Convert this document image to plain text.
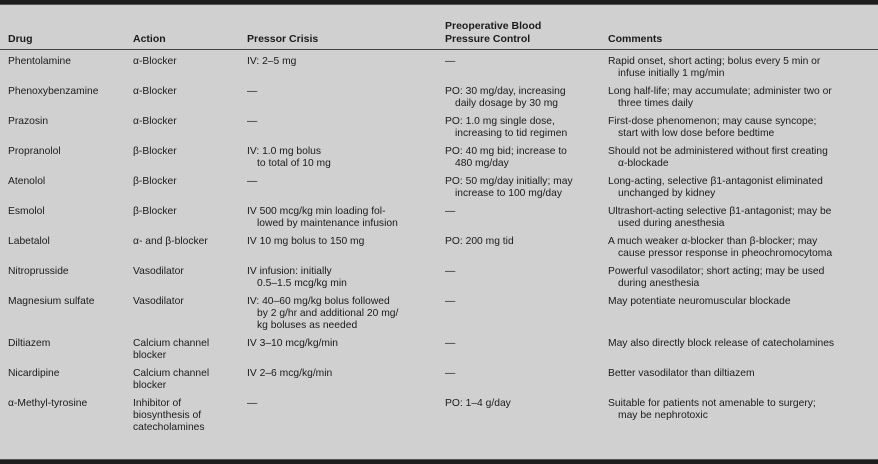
Drug	Action	Pressor Crisis	Preoperative Blood
Pressure Control	Comments

Phentolamine	α-Blocker	IV: 2–5 mg	—	Rapid onset, short acting; bolus every 5 min or
infuse initially 1 mg/min

Phenoxybenzamine	α-Blocker	—	PO: 30 mg/day, increasing
daily dosage by 30 mg	Long half-life; may accumulate; administer two or
three times daily

Prazosin	α-Blocker	—	PO: 1.0 mg single dose,
increasing to tid regimen	First-dose phenomenon; may cause syncope;
start with low dose before bedtime

Propranolol	β-Blocker	IV: 1.0 mg bolus
to total of 10 mg	PO: 40 mg bid; increase to
480 mg/day	Should not be administered without first creating
α-blockade

Atenolol	β-Blocker	—	PO: 50 mg/day initially; may
increase to 100 mg/day	Long-acting, selective β1-antagonist eliminated
unchanged by kidney

Esmolol	β-Blocker	IV 500 mcg/kg min loading fol-
lowed by maintenance infusion	—	Ultrashort-acting selective β1-antagonist; may be
used during anesthesia

Labetalol	α- and β-blocker	IV 10 mg bolus to 150 mg	PO: 200 mg tid	A much weaker α-blocker than β-blocker; may
cause pressor response in pheochromocytoma

Nitroprusside	Vasodilator	IV infusion: initially
0.5–1.5 mcg/kg min	—	Powerful vasodilator; short acting; may be used
during anesthesia

Magnesium sulfate	Vasodilator	IV: 40–60 mg/kg bolus followed
by 2 g/hr and additional 20 mg/
kg boluses as needed	—	May potentiate neuromuscular blockade

Diltiazem	Calcium channel
blocker	IV 3–10 mcg/kg/min	—	May also directly block release of catecholamines

Nicardipine	Calcium channel
blocker	IV 2–6 mcg/kg/min	—	Better vasodilator than diltiazem

α-Methyl-tyrosine	Inhibitor of
biosynthesis of
catecholamines	—	PO: 1–4 g/day	Suitable for patients not amenable to surgery;
may be nephrotoxic
